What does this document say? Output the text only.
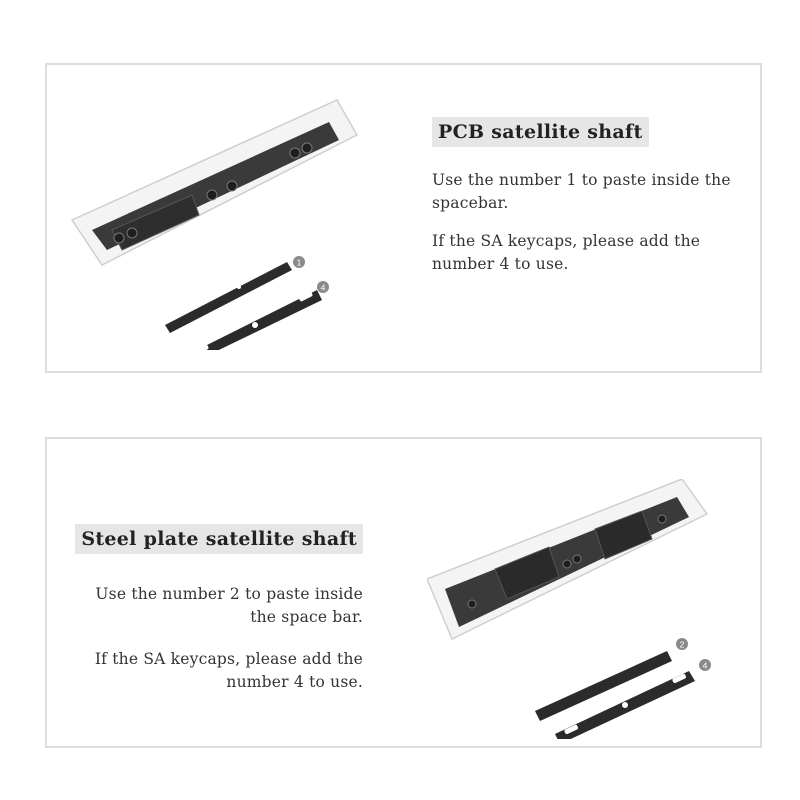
1
4
PCB satellite shaft
Use the number 1 to paste inside the spacebar.
If the SA keycaps, please add the number 4 to use.
Steel plate satellite shaft
Use the number 2 to paste inside the space bar.
If the SA keycaps, please add the number 4 to use.
2
4
